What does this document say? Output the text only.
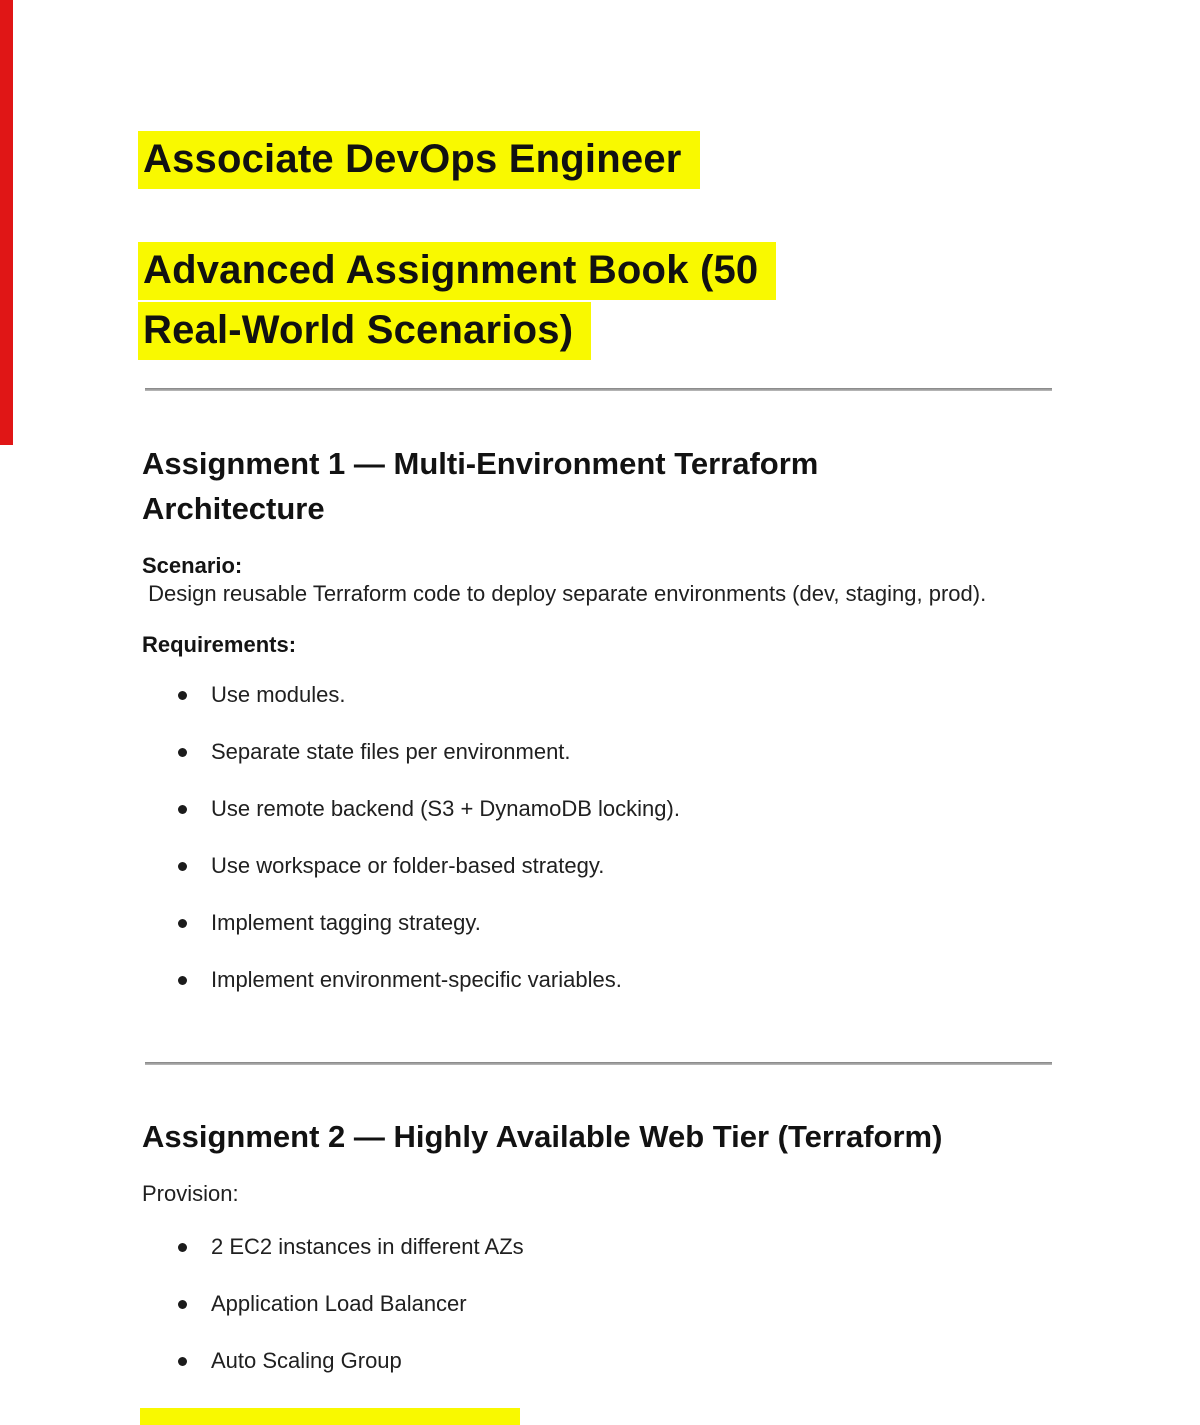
Associate DevOps Engineer
Advanced Assignment Book (50
Real-World Scenarios)
Assignment 1 — Multi-Environment Terraform
Architecture
Scenario:
Design reusable Terraform code to deploy separate environments (dev, staging, prod).
Requirements:
Use modules.
Separate state files per environment.
Use remote backend (S3 + DynamoDB locking).
Use workspace or folder-based strategy.
Implement tagging strategy.
Implement environment-specific variables.
Assignment 2 — Highly Available Web Tier (Terraform)
Provision:
2 EC2 instances in different AZs
Application Load Balancer
Auto Scaling Group
